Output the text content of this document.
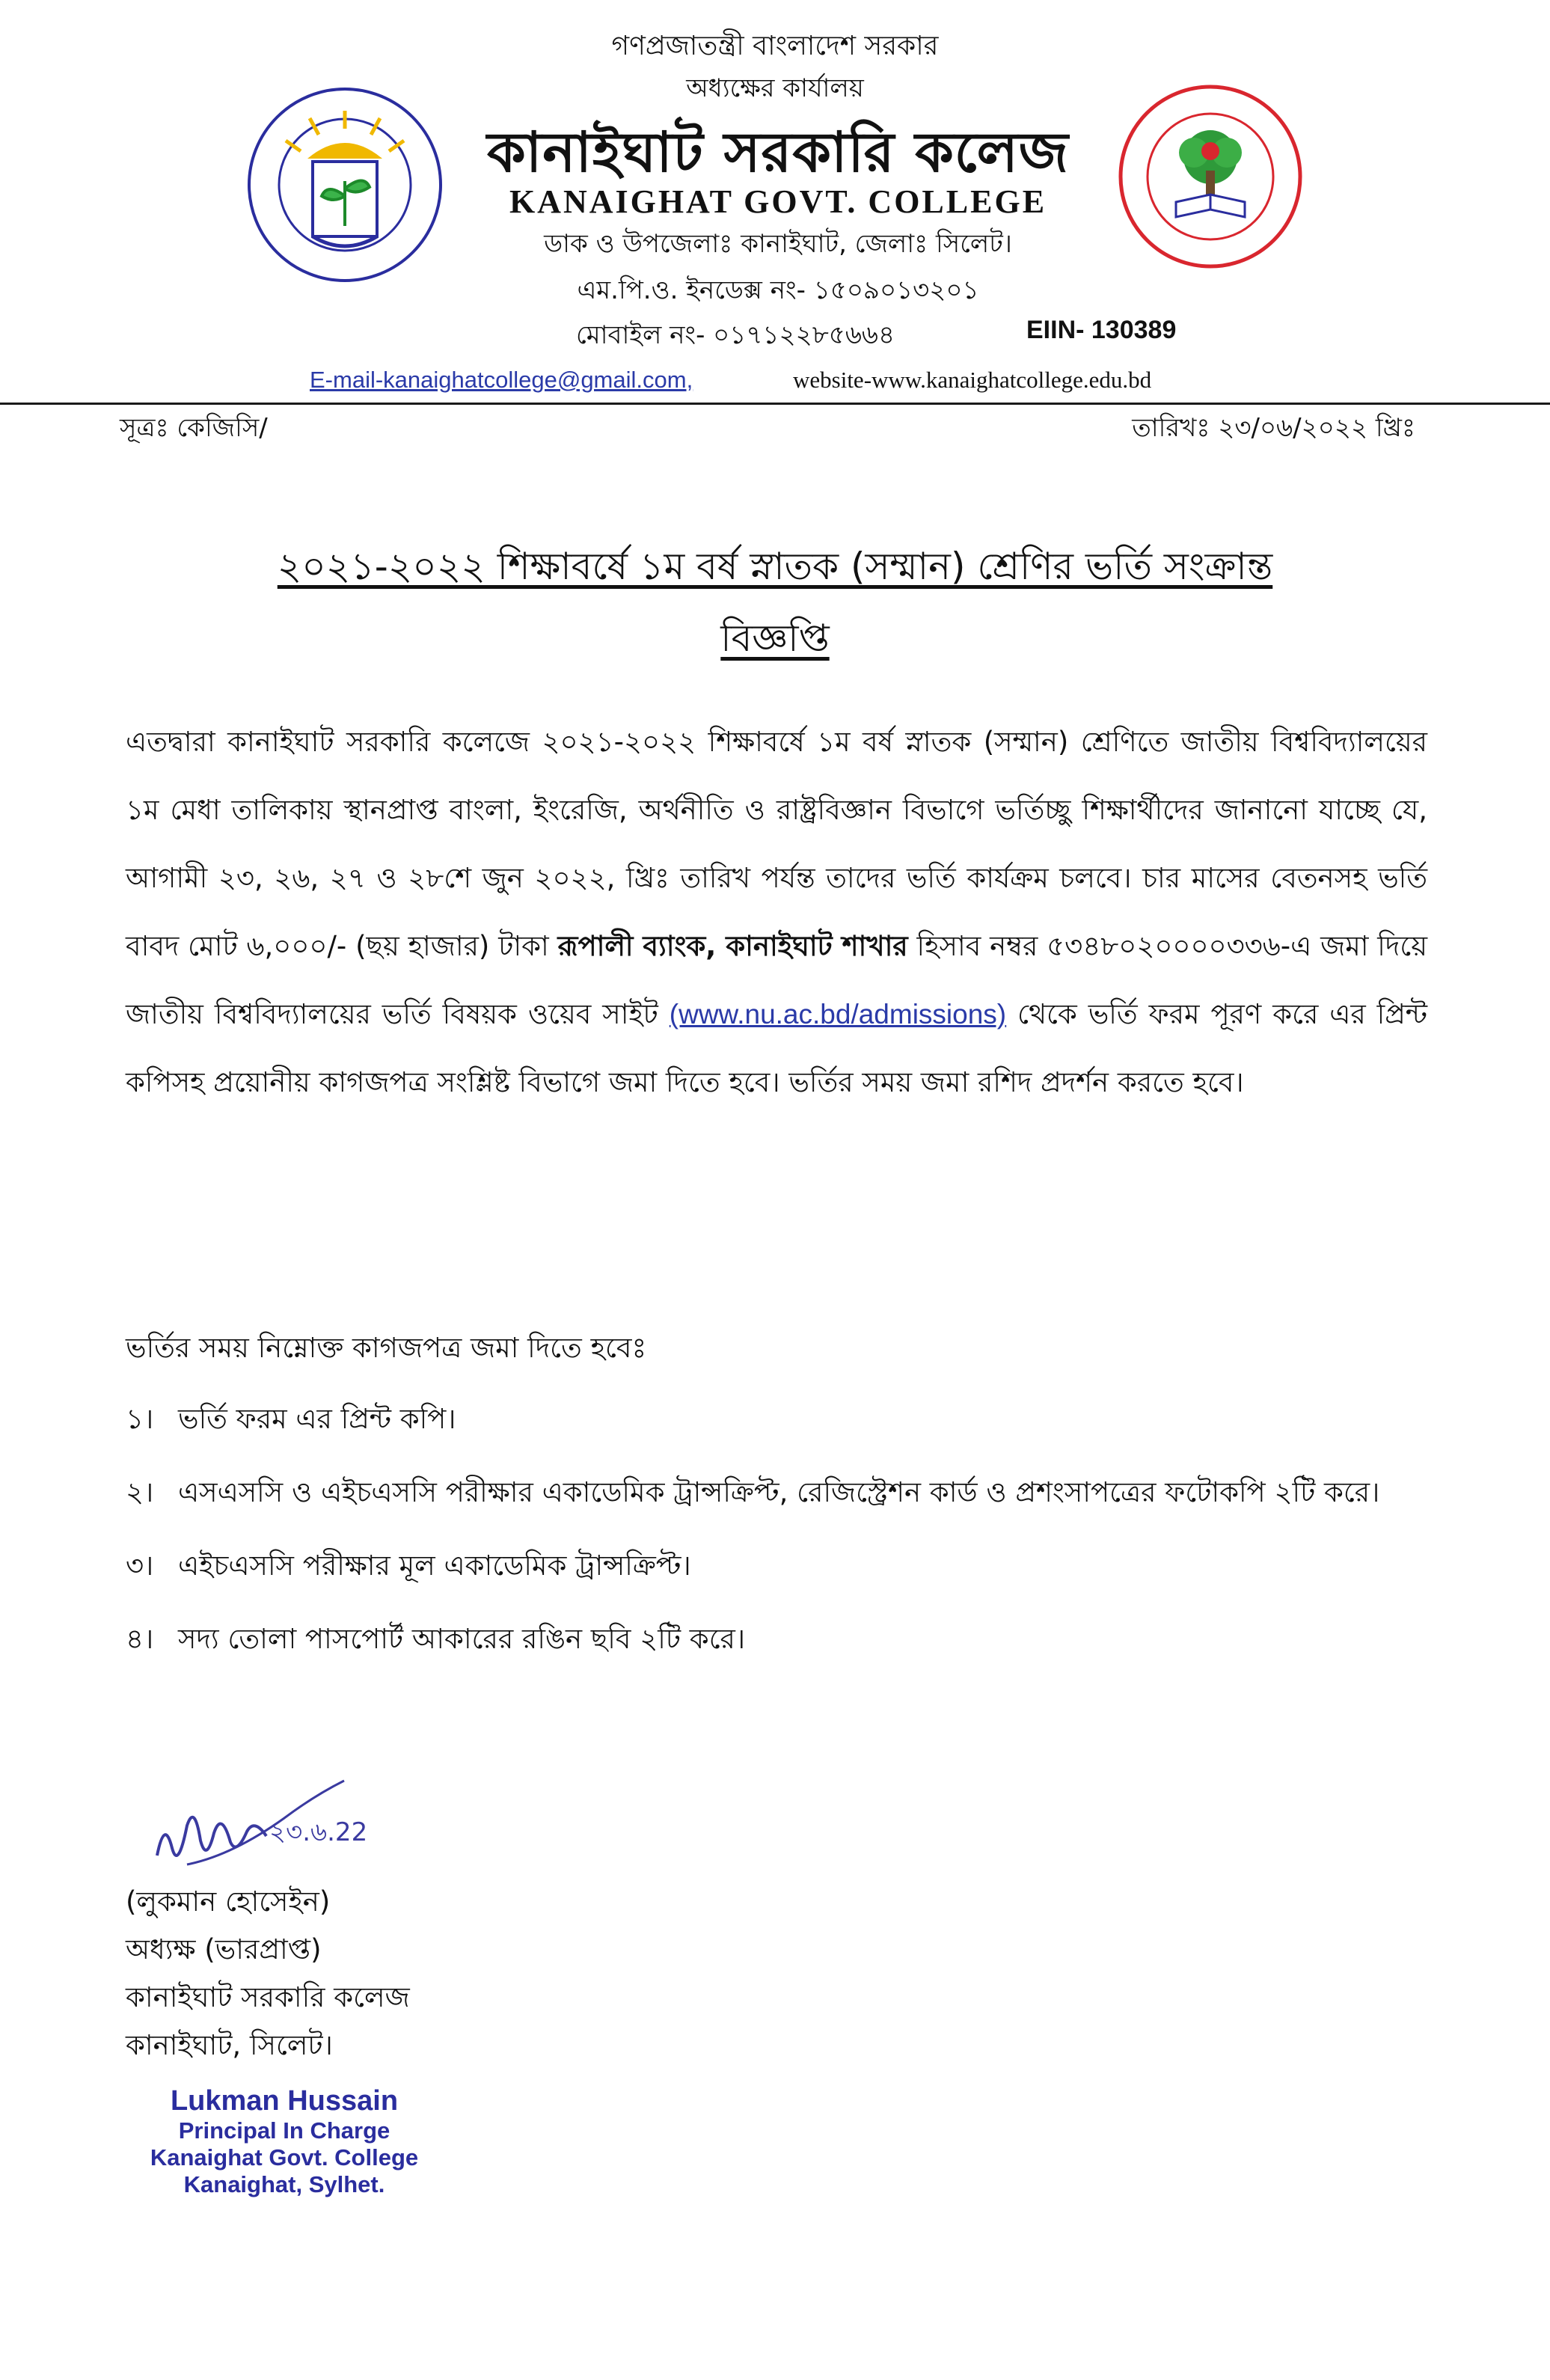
গণপ্রজাতন্ত্রী বাংলাদেশ সরকার
অধ্যক্ষের কার্যালয়
কানাইঘাট সরকারি কলেজ
KANAIGHAT GOVT. COLLEGE
ডাক ও উপজেলাঃ কানাইঘাট, জেলাঃ সিলেট।
এম.পি.ও. ইনডেক্স নং- ১৫০৯০১৩২০১
মোবাইল নং- ০১৭১২২৮৫৬৬৪	EIIN- 130389
E-mail-kanaighatcollege@gmail.com,	website-www.kanaighatcollege.edu.bd
সূত্রঃ কেজিসি/	তারিখঃ ২৩/০৬/২০২২ খ্রিঃ
২০২১-২০২২ শিক্ষাবর্ষে ১ম বর্ষ স্নাতক (সম্মান) শ্রেণির ভর্তি সংক্রান্ত
বিজ্ঞপ্তি
এতদ্বারা কানাইঘাট সরকারি কলেজে ২০২১-২০২২ শিক্ষাবর্ষে ১ম বর্ষ স্নাতক (সম্মান) শ্রেণিতে জাতীয় বিশ্ববিদ্যালয়ের ১ম মেধা তালিকায় স্থানপ্রাপ্ত বাংলা, ইংরেজি, অর্থনীতি ও রাষ্ট্রবিজ্ঞান বিভাগে ভর্তিচ্ছু শিক্ষার্থীদের জানানো যাচ্ছে যে, আগামী ২৩, ২৬, ২৭ ও ২৮শে জুন ২০২২, খ্রিঃ তারিখ পর্যন্ত তাদের ভর্তি কার্যক্রম চলবে। চার মাসের বেতনসহ ভর্তি বাবদ মোট ৬,০০০/- (ছয় হাজার) টাকা রূপালী ব্যাংক, কানাইঘাট শাখার হিসাব নম্বর ৫৩৪৮০২০০০০৩৩৬-এ জমা দিয়ে জাতীয় বিশ্ববিদ্যালয়ের ভর্তি বিষয়ক ওয়েব সাইট (www.nu.ac.bd/admissions) থেকে ভর্তি ফরম পূরণ করে এর প্রিন্ট কপিসহ প্রয়োনীয় কাগজপত্র সংশ্লিষ্ট বিভাগে জমা দিতে হবে। ভর্তির সময় জমা রশিদ প্রদর্শন করতে হবে।
ভর্তির সময় নিম্নোক্ত কাগজপত্র জমা দিতে হবেঃ
১। ভর্তি ফরম এর প্রিন্ট কপি।
২। এসএসসি ও এইচএসসি পরীক্ষার একাডেমিক ট্রান্সক্রিপ্ট, রেজিস্ট্রেশন কার্ড ও প্রশংসাপত্রের ফটোকপি ২টি করে।
৩। এইচএসসি পরীক্ষার মূল একাডেমিক ট্রান্সক্রিপ্ট।
৪। সদ্য তোলা পাসপোর্ট আকারের রঙিন ছবি ২টি করে।
২৩.৬.22
(লুকমান হোসেইন)
অধ্যক্ষ (ভারপ্রাপ্ত)
কানাইঘাট সরকারি কলেজ
কানাইঘাট, সিলেট।
Lukman Hussain
Principal In Charge
Kanaighat Govt. College
Kanaighat, Sylhet.
